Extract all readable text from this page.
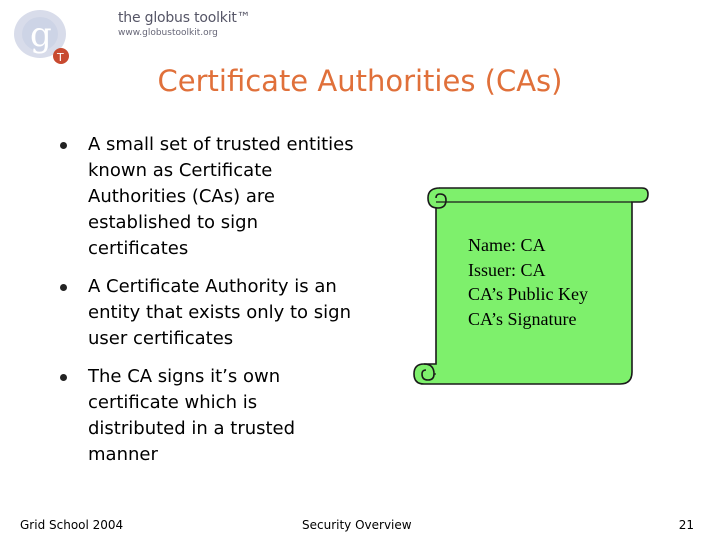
g
T
the globus toolkit™
www.globustoolkit.org
Certificate Authorities (CAs)
A small set of trusted entities known as Certificate Authorities (CAs) are established to sign certificates
A Certificate Authority is an entity that exists only to sign user certificates
The CA signs it’s own certificate which is distributed in a trusted manner
Name: CA
Issuer: CA
CA’s Public Key
CA’s Signature
Grid School 2004	Security Overview	21
